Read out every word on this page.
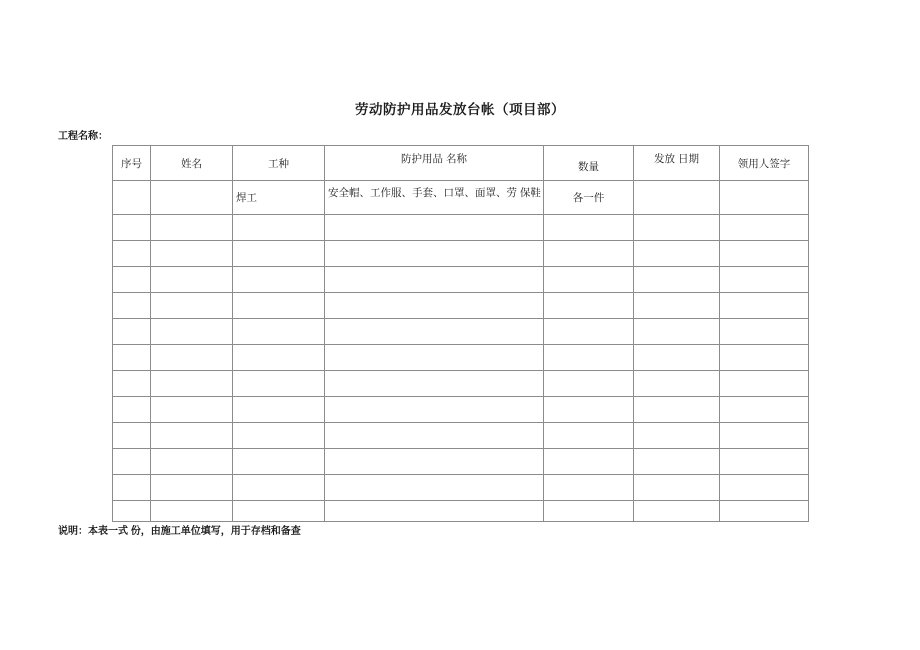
劳动防护用品发放台帐（项目部）
工程名称：
序号	姓名	工种	防护用品 名称	数量	发放 日期	领用人签字
		焊工	安全帽、工作服、手套、口罩、面罩、劳 保鞋	各一件		

说明：本表一式 份，由施工单位填写，用于存档和备查
